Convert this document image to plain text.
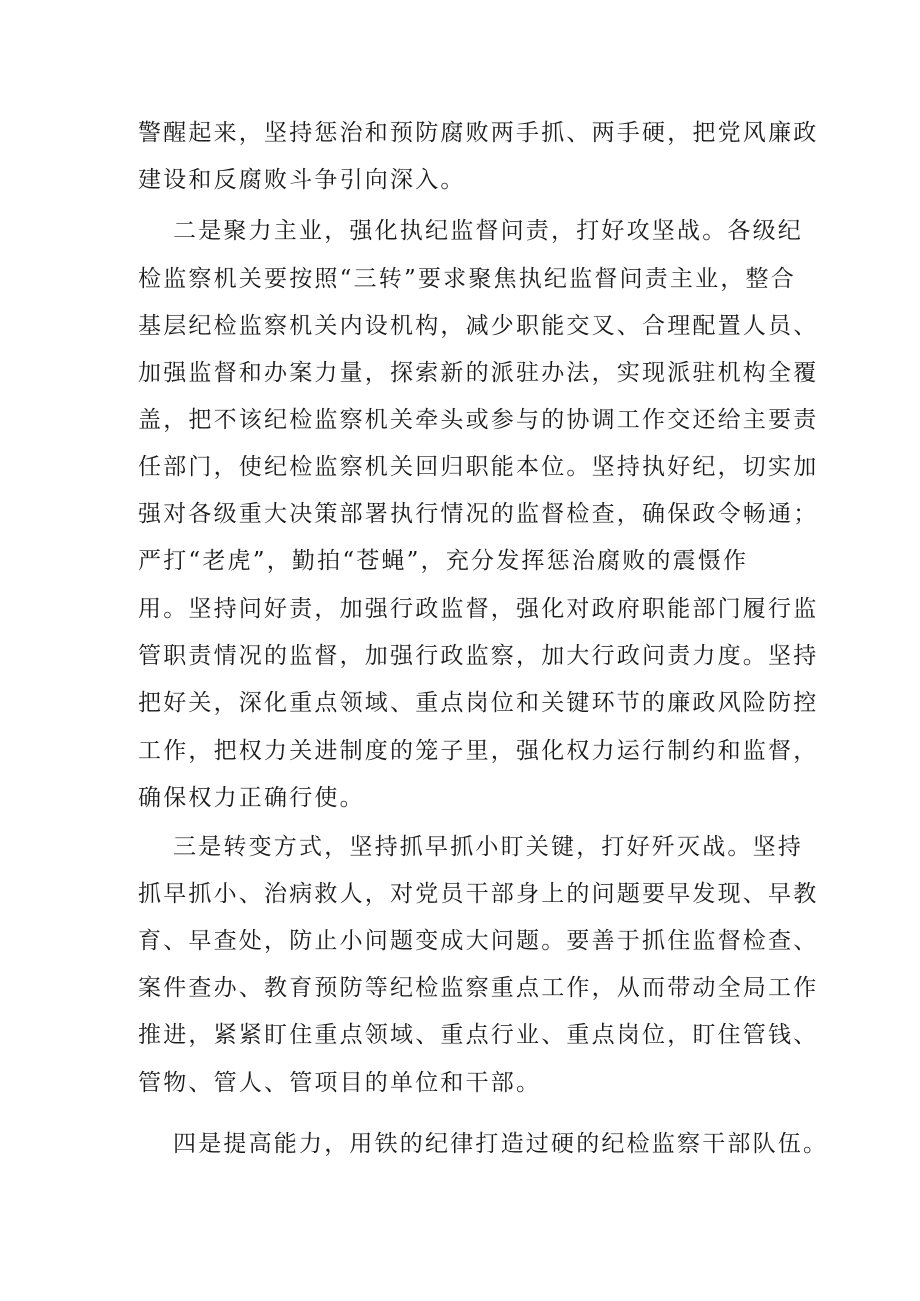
警醒起来，坚持惩治和预防腐败两手抓、两手硬，把党风廉政
建设和反腐败斗争引向深入。
二是聚力主业，强化执纪监督问责，打好攻坚战。各级纪
检监察机关要按照“三转”要求聚焦执纪监督问责主业，整合
基层纪检监察机关内设机构，减少职能交叉、合理配置人员、
加强监督和办案力量，探索新的派驻办法，实现派驻机构全覆
盖，把不该纪检监察机关牵头或参与的协调工作交还给主要责
任部门，使纪检监察机关回归职能本位。坚持执好纪，切实加
强对各级重大决策部署执行情况的监督检查，确保政令畅通；
严打“老虎”，勤拍“苍蝇”，充分发挥惩治腐败的震慑作
用。坚持问好责，加强行政监督，强化对政府职能部门履行监
管职责情况的监督，加强行政监察，加大行政问责力度。坚持
把好关，深化重点领域、重点岗位和关键环节的廉政风险防控
工作，把权力关进制度的笼子里，强化权力运行制约和监督，
确保权力正确行使。
三是转变方式，坚持抓早抓小盯关键，打好歼灭战。坚持
抓早抓小、治病救人，对党员干部身上的问题要早发现、早教
育、早查处，防止小问题变成大问题。要善于抓住监督检查、
案件查办、教育预防等纪检监察重点工作，从而带动全局工作
推进，紧紧盯住重点领域、重点行业、重点岗位，盯住管钱、
管物、管人、管项目的单位和干部。
四是提高能力，用铁的纪律打造过硬的纪检监察干部队伍。
